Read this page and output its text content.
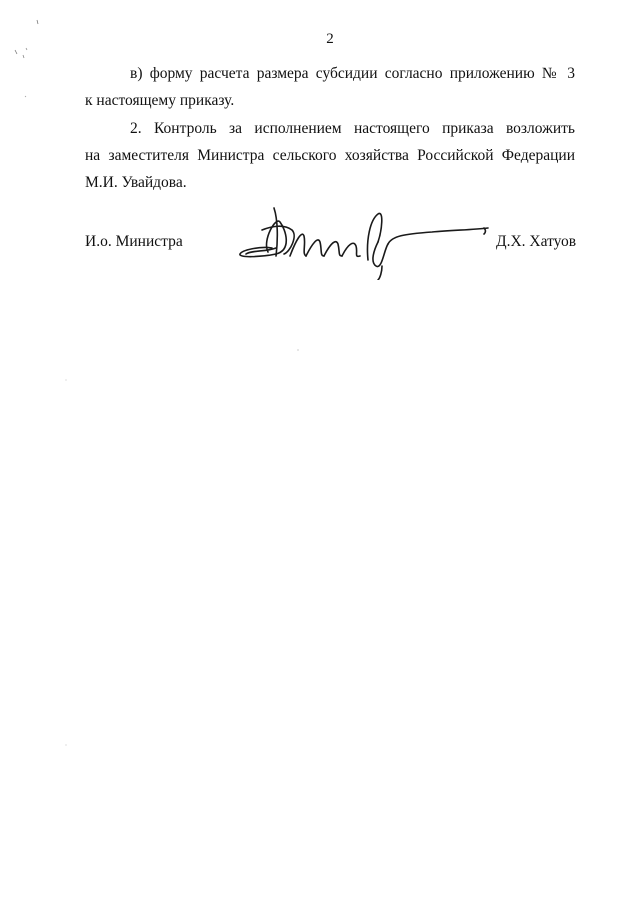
2
в) форму расчета размера субсидии согласно приложению № 3
к настоящему приказу.
2. Контроль за исполнением настоящего приказа возложить
на заместителя Министра сельского хозяйства Российской Федерации
М.И. Увайдова.
И.о. Министра	Д.Х. Хатуов
